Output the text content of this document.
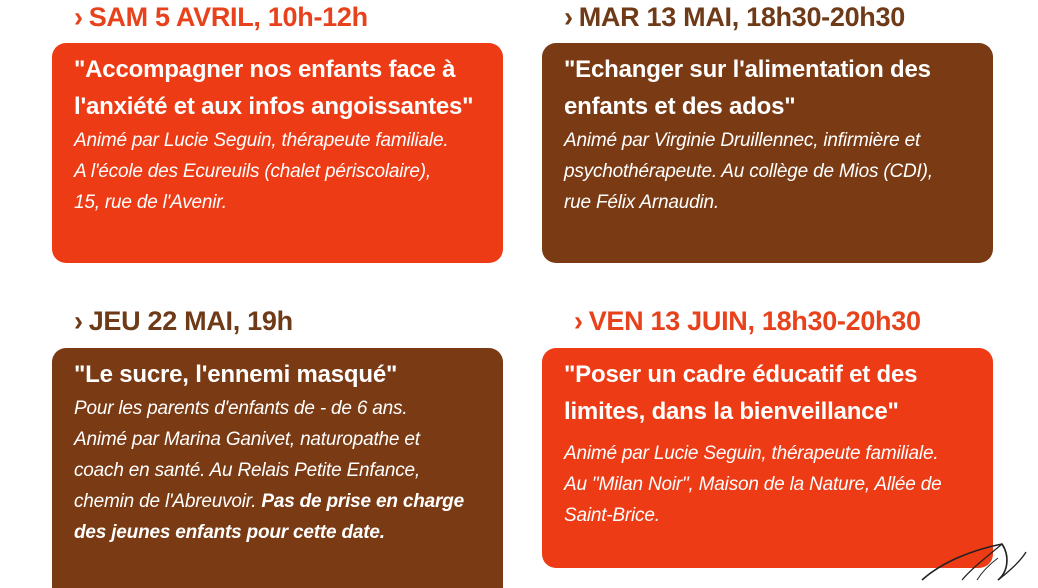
› SAM 5 AVRIL, 10h-12h
"Accompagner nos enfants face à l'anxiété et aux infos angoissantes"
Animé par Lucie Seguin, thérapeute familiale.
A l'école des Ecureuils (chalet périscolaire),
15, rue de l'Avenir.
› MAR 13 MAI, 18h30-20h30
"Echanger sur l'alimentation des enfants et des ados"
Animé par Virginie Druillennec, infirmière et
psychothérapeute. Au collège de Mios (CDI),
rue Félix Arnaudin.
› JEU 22 MAI, 19h
"Le sucre, l'ennemi masqué"
Pour les parents d'enfants de - de 6 ans.
Animé par Marina Ganivet, naturopathe et
coach en santé. Au Relais Petite Enfance,
chemin de l'Abreuvoir. Pas de prise en charge
des jeunes enfants pour cette date.
› VEN 13 JUIN, 18h30-20h30
"Poser un cadre éducatif et des limites, dans la bienveillance"
Animé par Lucie Seguin, thérapeute familiale.
Au "Milan Noir", Maison de la Nature, Allée de
Saint-Brice.
